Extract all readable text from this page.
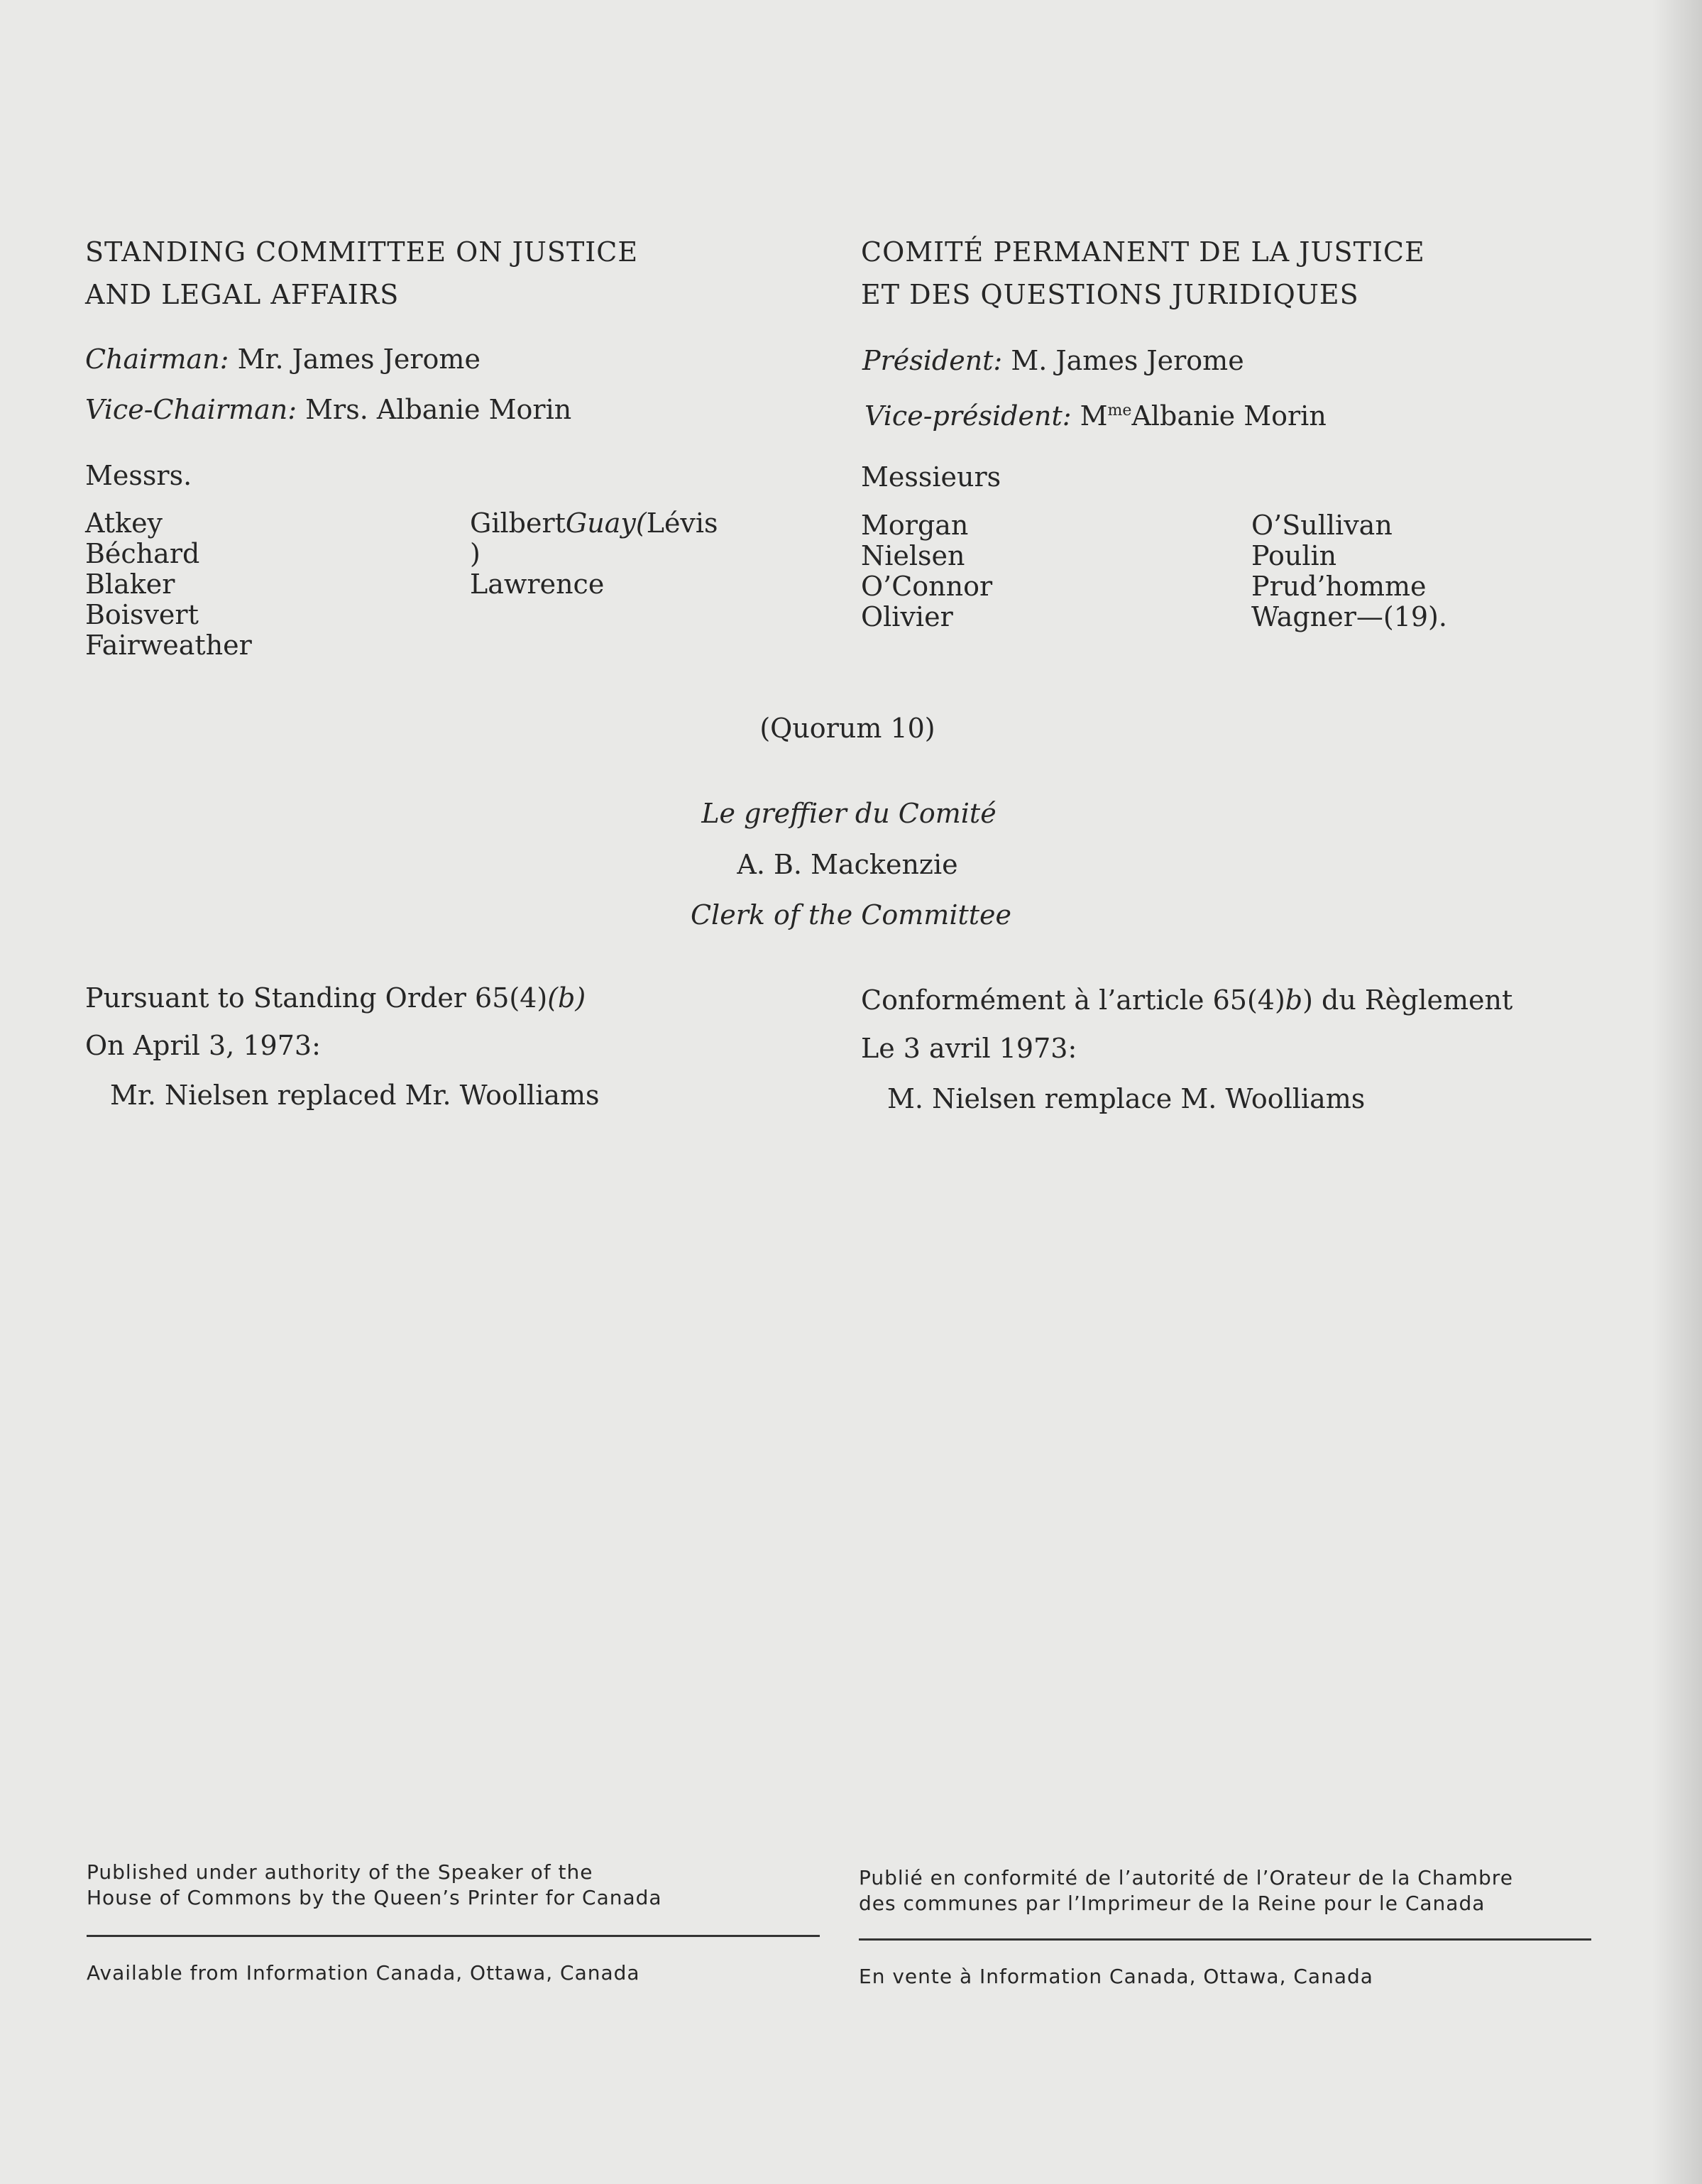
STANDING COMMITTEE ON JUSTICE
AND LEGAL AFFAIRS
Chairman: Mr. James Jerome
Vice-Chairman: Mrs. Albanie Morin
Messrs.
Atkey
Béchard
Blaker
Boisvert
Fairweather
GilbertGuay(Lévis
)
Lawrence
COMITÉ PERMANENT DE LA JUSTICE
ET DES QUESTIONS JURIDIQUES
Président: M. James Jerome
Vice-président: $M^{me}Albanie$ Morin
Messieurs
Morgan
Nielsen
O’Connor
Olivier
O’Sullivan
Poulin
Prud’homme
Wagner—(19).
(Quorum 10)
Le greffier du Comité
A. B. Mackenzie
Clerk of the Committee
Pursuant to Standing Order 65(4)(b)
On April 3, 1973:
Mr. Nielsen replaced Mr. Woolliams
Conformément à l’article 65(4)b) du Règlement
Le 3 avril 1973:
M. Nielsen remplace M. Woolliams
Published under authority of the Speaker of the
House of Commons by the Queen’s Printer for Canada
Available from Information Canada, Ottawa, Canada
Publié en conformité de l’autorité de l’Orateur de la Chambre
des communes par l’Imprimeur de la Reine pour le Canada
En vente à Information Canada, Ottawa, Canada
